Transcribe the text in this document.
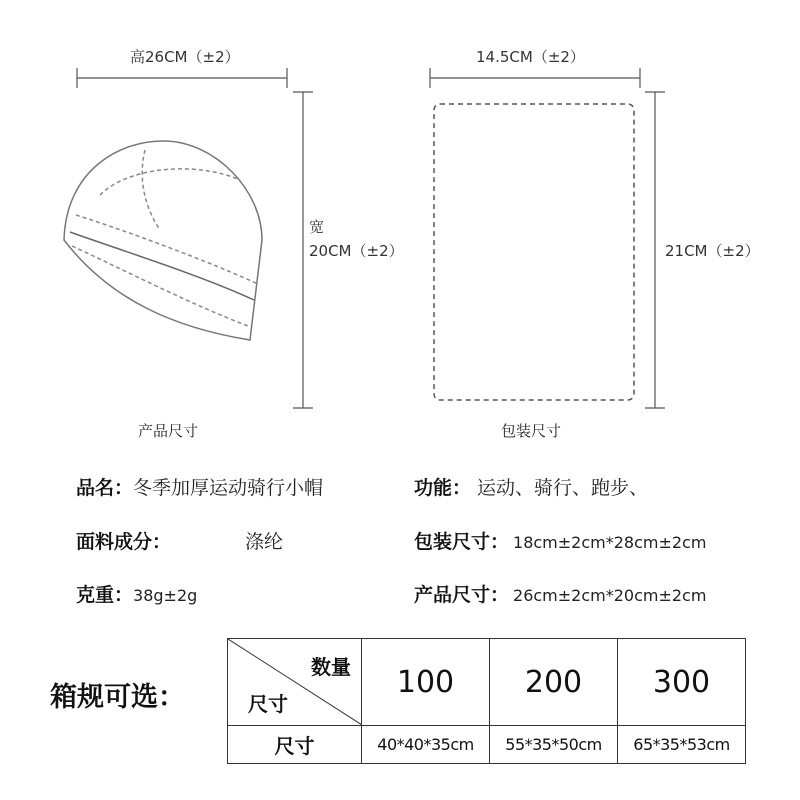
高26CM（±2）
宽
20CM（±2）
14.5CM（±2）
21CM（±2）
产品尺寸	包装尺寸
品名：冬季加厚运动骑行小帽	功能： 运动、骑行、跑步、
面料成分：	涤纶	包装尺寸： 18cm±2cm*28cm±2cm
克重：38g±2g	产品尺寸： 26cm±2cm*20cm±2cm
箱规可选：
数量
尺寸	100	200	300
尺寸	40*40*35cm	55*35*50cm	65*35*53cm
